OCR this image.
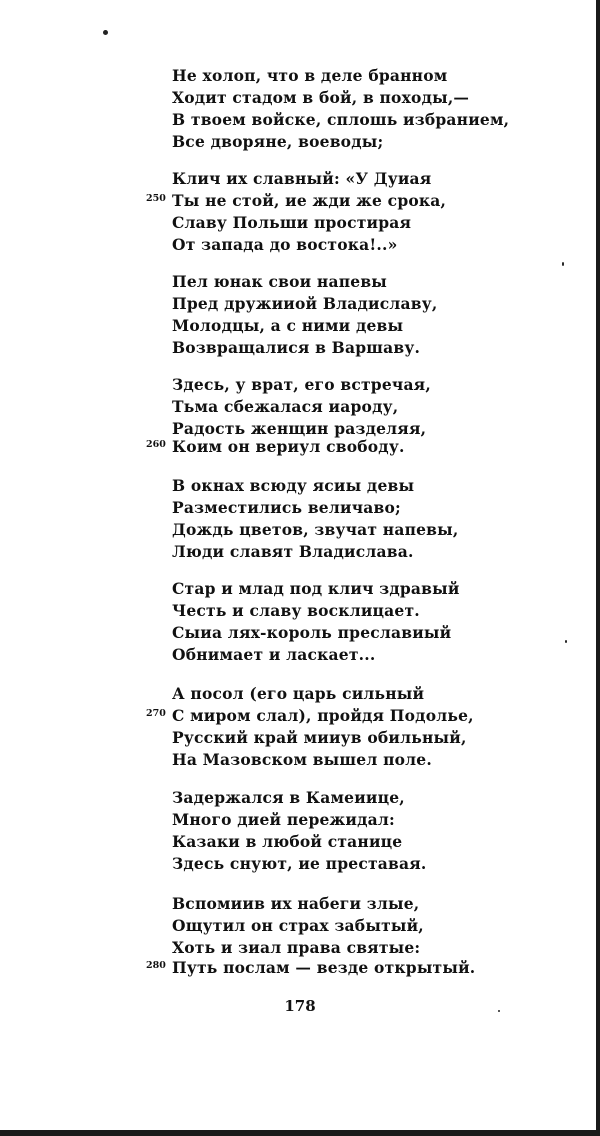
Не холоп, что в деле бранном
Ходит стадом в бой, в походы,—
В твоем войске, сплошь избранием,
Все дворяне, воеводы;
Клич их славный: «У Дуиая
250 Ты не стой, ие жди же срока,
Славу Польши простирая
От запада до востока!..»
Пел юнак свои напевы
Пред дружииой Владиславу,
Молодцы, а с ними девы
Возвращалися в Варшаву.
Здесь, у врат, его встречая,
Тьма сбежалася иароду,
Радость женщин разделяя,
260 Коим он вериул свободу.
В окнах всюду ясиы девы
Разместились величаво;
Дождь цветов, звучат напевы,
Люди славят Владислава.
Стар и млад под клич здравый
Честь и славу восклицает.
Сыиа лях-король преславиый
Обнимает и ласкает...
А посол (его царь сильный
270 С миром слал), пройдя Подолье,
Русский край мииув обильный,
На Мазовском вышел поле.
Задержался в Камеиице,
Много дией пережидал:
Казаки в любой станице
Здесь снуют, ие преставая.
Вспомиив их набеги злые,
Ощутил он страх забытый,
Хоть и зиал права святые:
280 Путь послам — везде открытый.
178
